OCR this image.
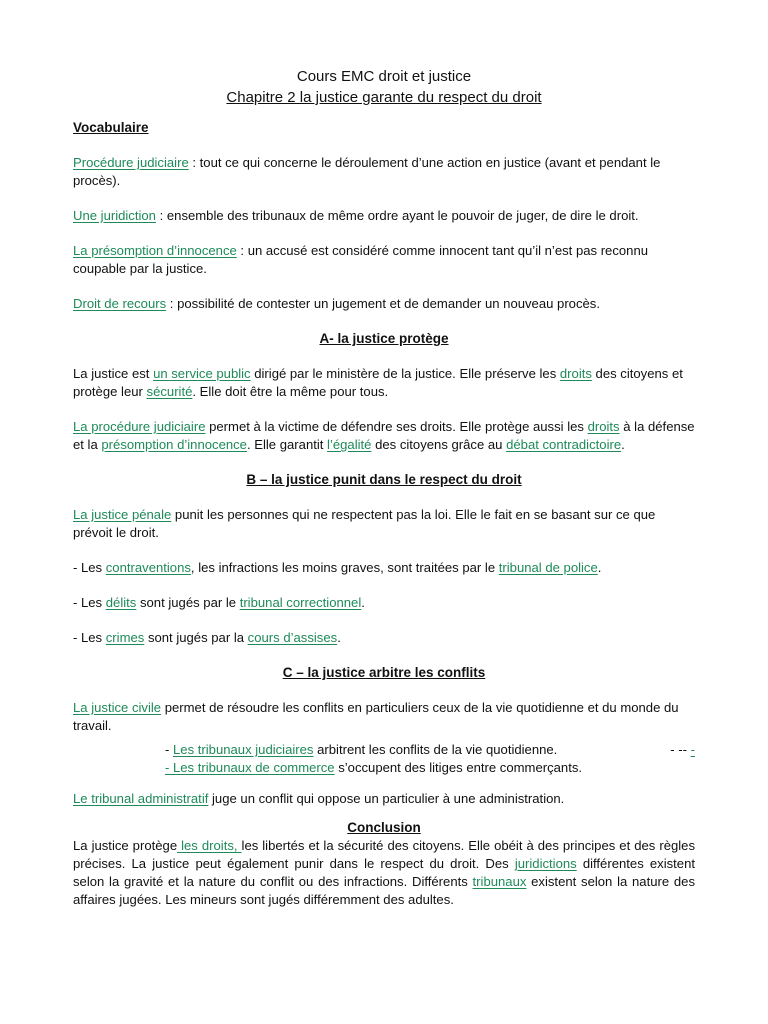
Cours EMC droit et justice

Chapitre 2 la justice garante du respect du droit

Vocabulaire

Procédure judiciaire : tout ce qui concerne le déroulement d’une action en justice (avant et pendant le procès).

Une juridiction : ensemble des tribunaux de même ordre ayant le pouvoir de juger, de dire le droit.

La présomption d’innocence : un accusé est considéré comme innocent tant qu’il n’est pas reconnu coupable par la justice.

Droit de recours : possibilité de contester un jugement et de demander un nouveau procès.

A- la justice protège

La justice est un service public dirigé par le ministère de la justice. Elle préserve les droits des citoyens et protège leur sécurité. Elle doit être la même pour tous.

La procédure judiciaire permet à la victime de défendre ses droits. Elle protège aussi les droits à la défense et la présomption d’innocence. Elle garantit l’égalité des citoyens grâce au débat contradictoire.

B – la justice punit dans le respect du droit

La justice pénale punit les personnes qui ne respectent pas la loi. Elle le fait en se basant sur ce que prévoit le droit.

- Les contraventions, les infractions les moins graves, sont traitées par le tribunal de police.

- Les délits sont jugés par le tribunal correctionnel.

- Les crimes sont jugés par la cours d’assises.

C – la justice arbitre les conflits

La justice civile permet de résoudre les conflits en particuliers ceux de la vie quotidienne et du monde du travail.

- Les tribunaux judiciaires arbitrent les conflits de la vie quotidienne.	- -- -

- Les tribunaux de commerce s’occupent des litiges entre commerçants.

Le tribunal administratif juge un conflit qui oppose un particulier à une administration.

Conclusion

La justice protège les droits, les libertés et la sécurité des citoyens. Elle obéit à des principes et des règles précises. La justice peut également punir dans le respect du droit. Des juridictions différentes existent selon la gravité et la nature du conflit ou des infractions. Différents tribunaux existent selon la nature des affaires jugées. Les mineurs sont jugés différemment des adultes.
